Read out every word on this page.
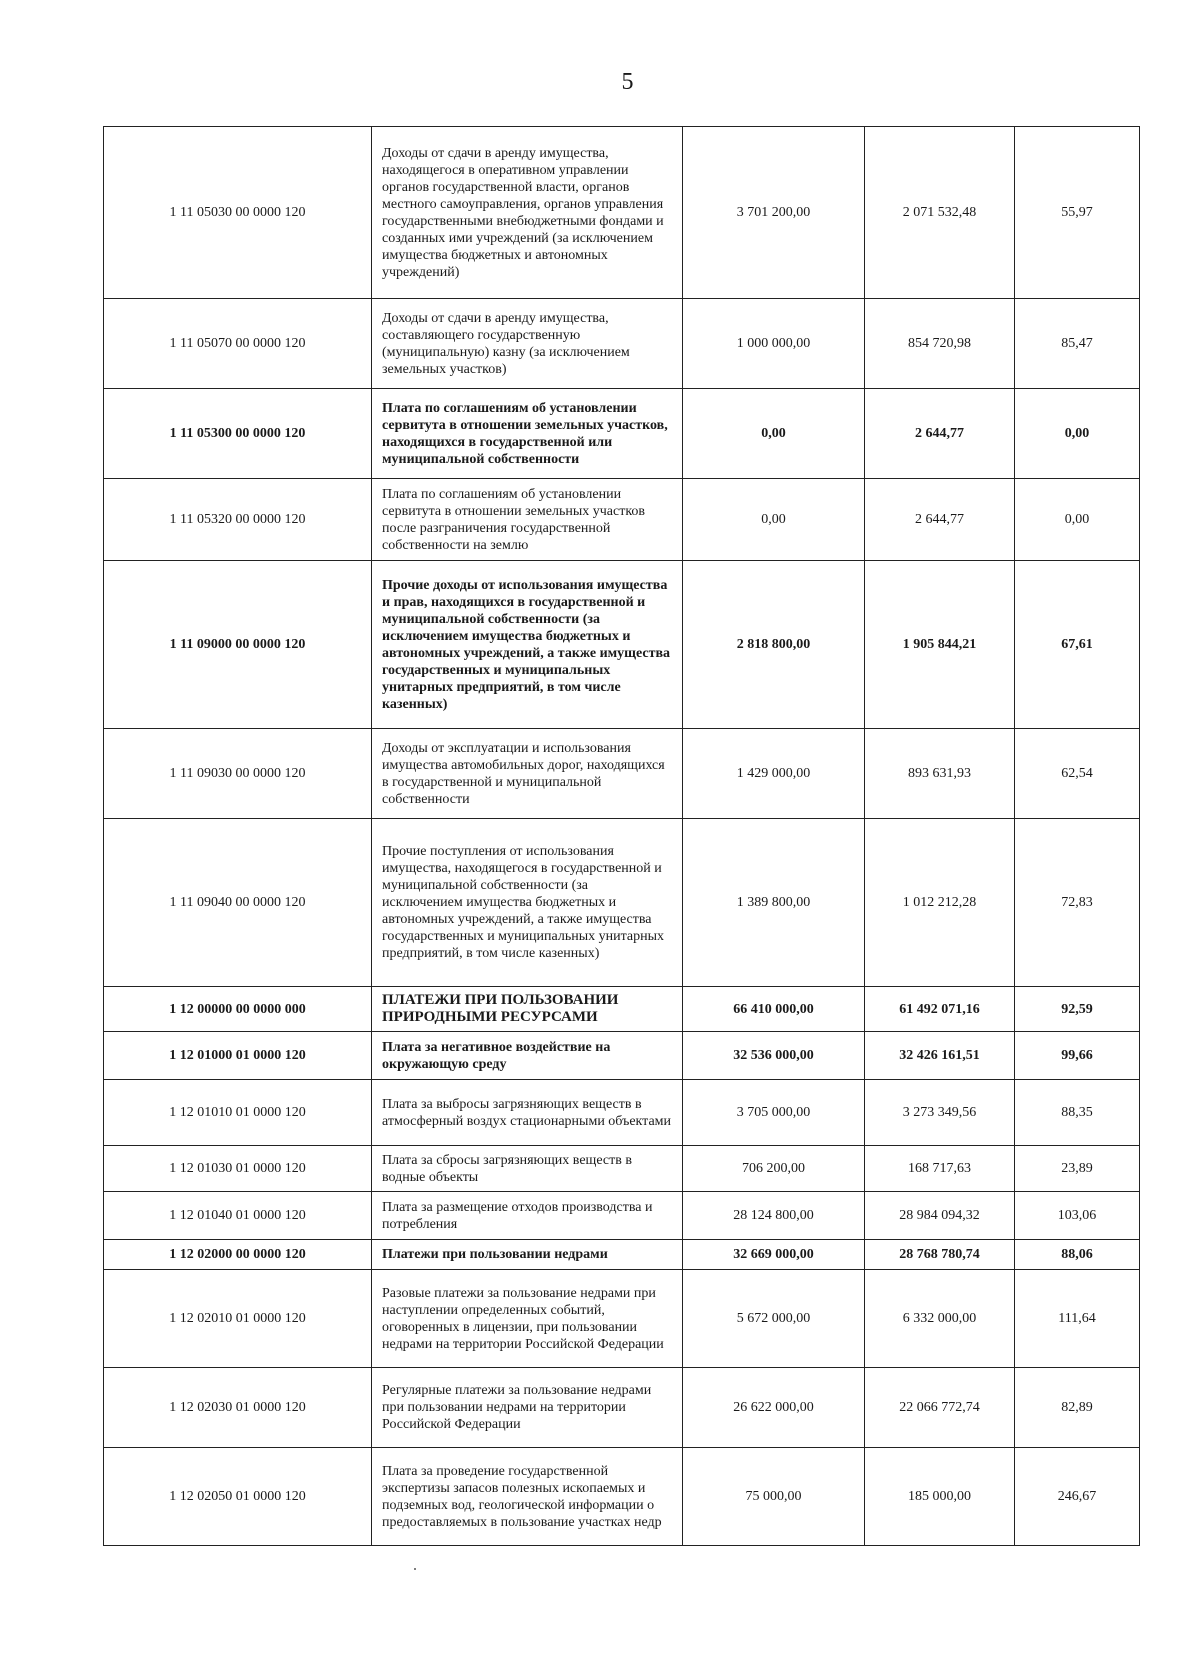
5
1 11 05030 00 0000 120	Доходы от сдачи в аренду имущества, находящегося в оперативном управлении органов государственной власти, органов местного самоуправления, органов управления государственными внебюджетными фондами и созданных ими учреждений (за исключением имущества бюджетных и автономных учреждений)	3 701 200,00	2 071 532,48	55,97
1 11 05070 00 0000 120	Доходы от сдачи в аренду имущества, составляющего государственную (муниципальную) казну (за исключением земельных участков)	1 000 000,00	854 720,98	85,47
1 11 05300 00 0000 120	Плата по соглашениям об установлении сервитута в отношении земельных участков, находящихся в государственной или муниципальной собственности	0,00	2 644,77	0,00
1 11 05320 00 0000 120	Плата по соглашениям об установлении сервитута в отношении земельных участков после разграничения государственной собственности на землю	0,00	2 644,77	0,00
1 11 09000 00 0000 120	Прочие доходы от использования имущества и прав, находящихся в государственной и муниципальной собственности (за исключением имущества бюджетных и автономных учреждений, а также имущества государственных и муниципальных унитарных предприятий, в том числе казенных)	2 818 800,00	1 905 844,21	67,61
1 11 09030 00 0000 120	Доходы от эксплуатации и использования имущества автомобильных дорог, находящихся в государственной и муниципальной собственности	1 429 000,00	893 631,93	62,54
1 11 09040 00 0000 120	Прочие поступления от использования имущества, находящегося в государственной и муниципальной собственности (за исключением имущества бюджетных и автономных учреждений, а также имущества государственных и муниципальных унитарных предприятий, в том числе казенных)	1 389 800,00	1 012 212,28	72,83
1 12 00000 00 0000 000	ПЛАТЕЖИ ПРИ ПОЛЬЗОВАНИИ ПРИРОДНЫМИ РЕСУРСАМИ	66 410 000,00	61 492 071,16	92,59
1 12 01000 01 0000 120	Плата за негативное воздействие на окружающую среду	32 536 000,00	32 426 161,51	99,66
1 12 01010 01 0000 120	Плата за выбросы загрязняющих веществ в атмосферный воздух стационарными объектами	3 705 000,00	3 273 349,56	88,35
1 12 01030 01 0000 120	Плата за сбросы загрязняющих веществ в водные объекты	706 200,00	168 717,63	23,89
1 12 01040 01 0000 120	Плата за размещение отходов производства и потребления	28 124 800,00	28 984 094,32	103,06
1 12 02000 00 0000 120	Платежи при пользовании недрами	32 669 000,00	28 768 780,74	88,06
1 12 02010 01 0000 120	Разовые платежи за пользование недрами при наступлении определенных событий, оговоренных в лицензии, при пользовании недрами на территории Российской Федерации	5 672 000,00	6 332 000,00	111,64
1 12 02030 01 0000 120	Регулярные платежи за пользование недрами при пользовании недрами на территории Российской Федерации	26 622 000,00	22 066 772,74	82,89
1 12 02050 01 0000 120	Плата за проведение государственной экспертизы запасов полезных ископаемых и подземных вод, геологической информации о предоставляемых в пользование участках недр	75 000,00	185 000,00	246,67
